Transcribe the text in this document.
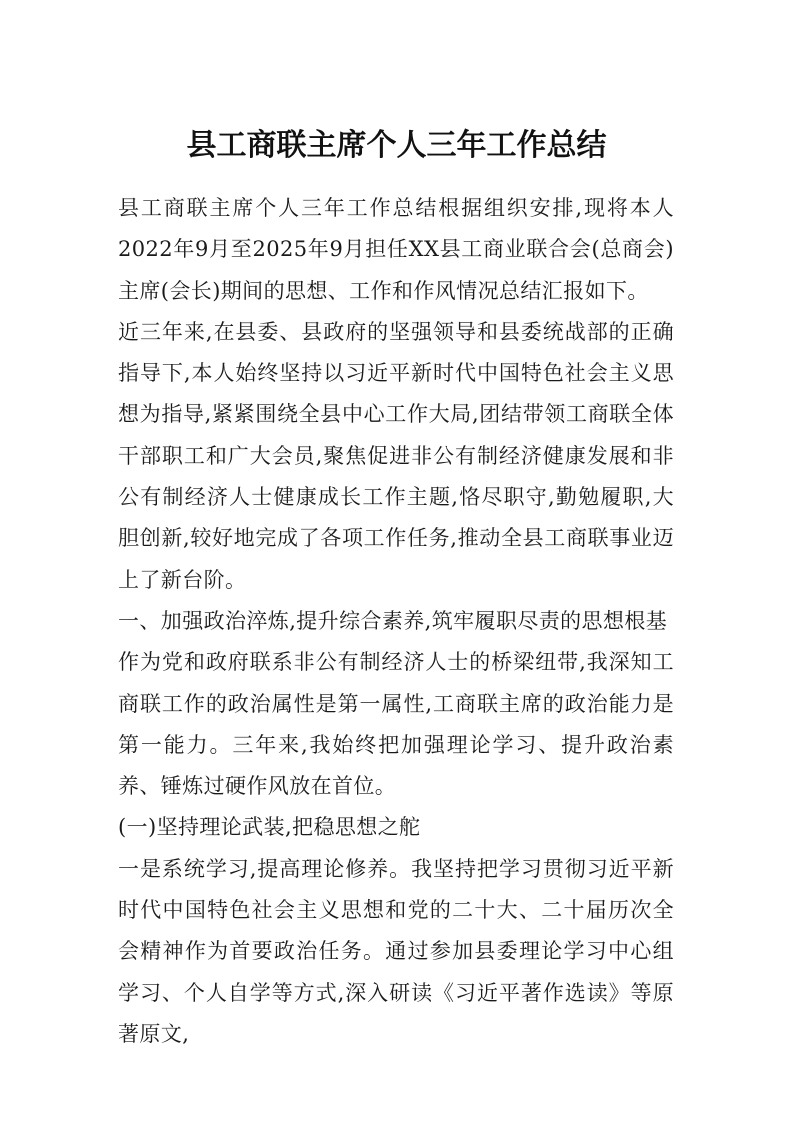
县工商联主席个人三年工作总结

县工商联主席个人三年工作总结根据组织安排,现将本人2022年9月至2025年9月担任XX县工商业联合会(总商会)主席(会长)期间的思想、工作和作风情况总结汇报如下。

近三年来,在县委、县政府的坚强领导和县委统战部的正确指导下,本人始终坚持以习近平新时代中国特色社会主义思想为指导,紧紧围绕全县中心工作大局,团结带领工商联全体干部职工和广大会员,聚焦促进非公有制经济健康发展和非公有制经济人士健康成长工作主题,恪尽职守,勤勉履职,大胆创新,较好地完成了各项工作任务,推动全县工商联事业迈上了新台阶。

一、加强政治淬炼,提升综合素养,筑牢履职尽责的思想根基

作为党和政府联系非公有制经济人士的桥梁纽带,我深知工商联工作的政治属性是第一属性,工商联主席的政治能力是第一能力。三年来,我始终把加强理论学习、提升政治素养、锤炼过硬作风放在首位。

(一)坚持理论武装,把稳思想之舵

一是系统学习,提高理论修养。我坚持把学习贯彻习近平新时代中国特色社会主义思想和党的二十大、二十届历次全会精神作为首要政治任务。通过参加县委理论学习中心组学习、个人自学等方式,深入研读《习近平著作选读》等原著原文,
